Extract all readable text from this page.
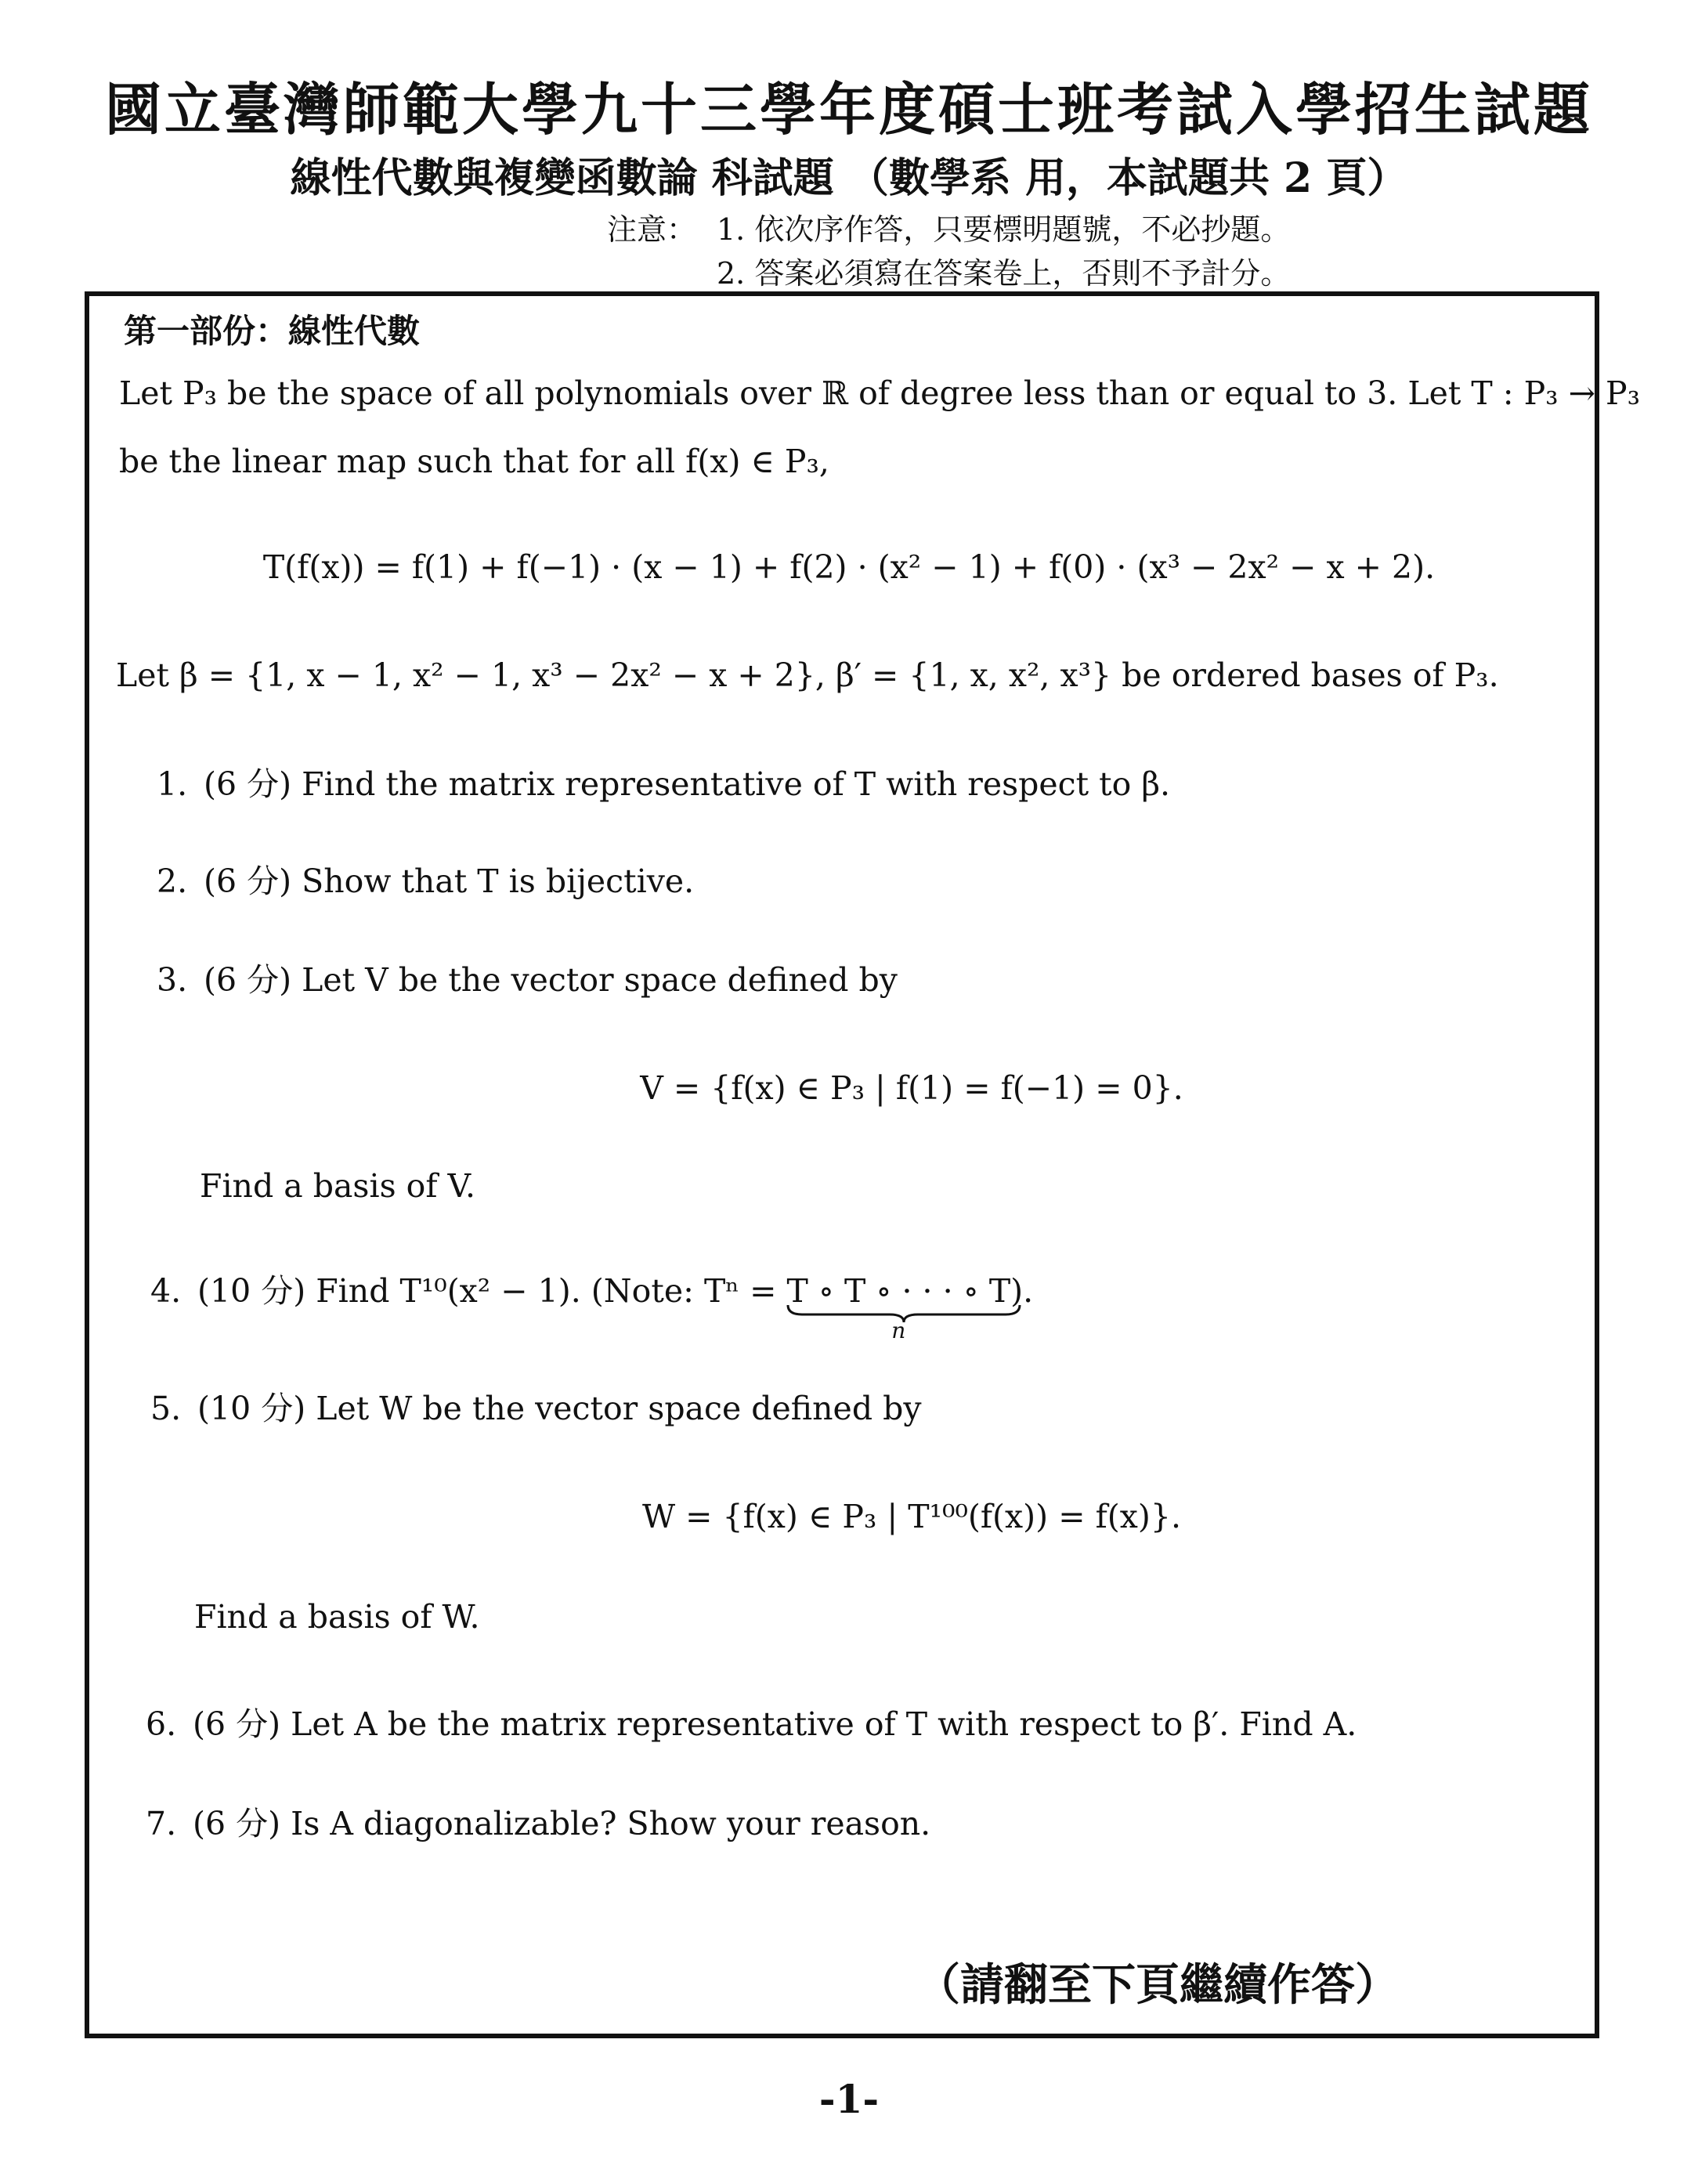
國立臺灣師範大學九十三學年度碩士班考試入學招生試題
線性代數與複變函數論 科試題 （數學系 用，本試題共 2 頁）
注意： 1. 依次序作答，只要標明題號，不必抄題。
2. 答案必須寫在答案卷上，否則不予計分。
第一部份：線性代數
Let P₃ be the space of all polynomials over ℝ of degree less than or equal to 3. Let T : P₃ → P₃
be the linear map such that for all f(x) ∈ P₃,
T(f(x)) = f(1) + f(−1) · (x − 1) + f(2) · (x² − 1) + f(0) · (x³ − 2x² − x + 2).
Let β = {1, x − 1, x² − 1, x³ − 2x² − x + 2}, β′ = {1, x, x², x³} be ordered bases of P₃.
1. (6 分) Find the matrix representative of T with respect to β.
2. (6 分) Show that T is bijective.
3. (6 分) Let V be the vector space defined by
V = {f(x) ∈ P₃ | f(1) = f(−1) = 0}.
Find a basis of V.
4. (10 分) Find T¹⁰(x² − 1). (Note: Tⁿ = T ∘ T ∘ · · · ∘ T
n
).
5. (10 分) Let W be the vector space defined by
W = {f(x) ∈ P₃ | T¹⁰⁰(f(x)) = f(x)}.
Find a basis of W.
6. (6 分) Let A be the matrix representative of T with respect to β′. Find A.
7. (6 分) Is A diagonalizable? Show your reason.
（請翻至下頁繼續作答）
-1-
